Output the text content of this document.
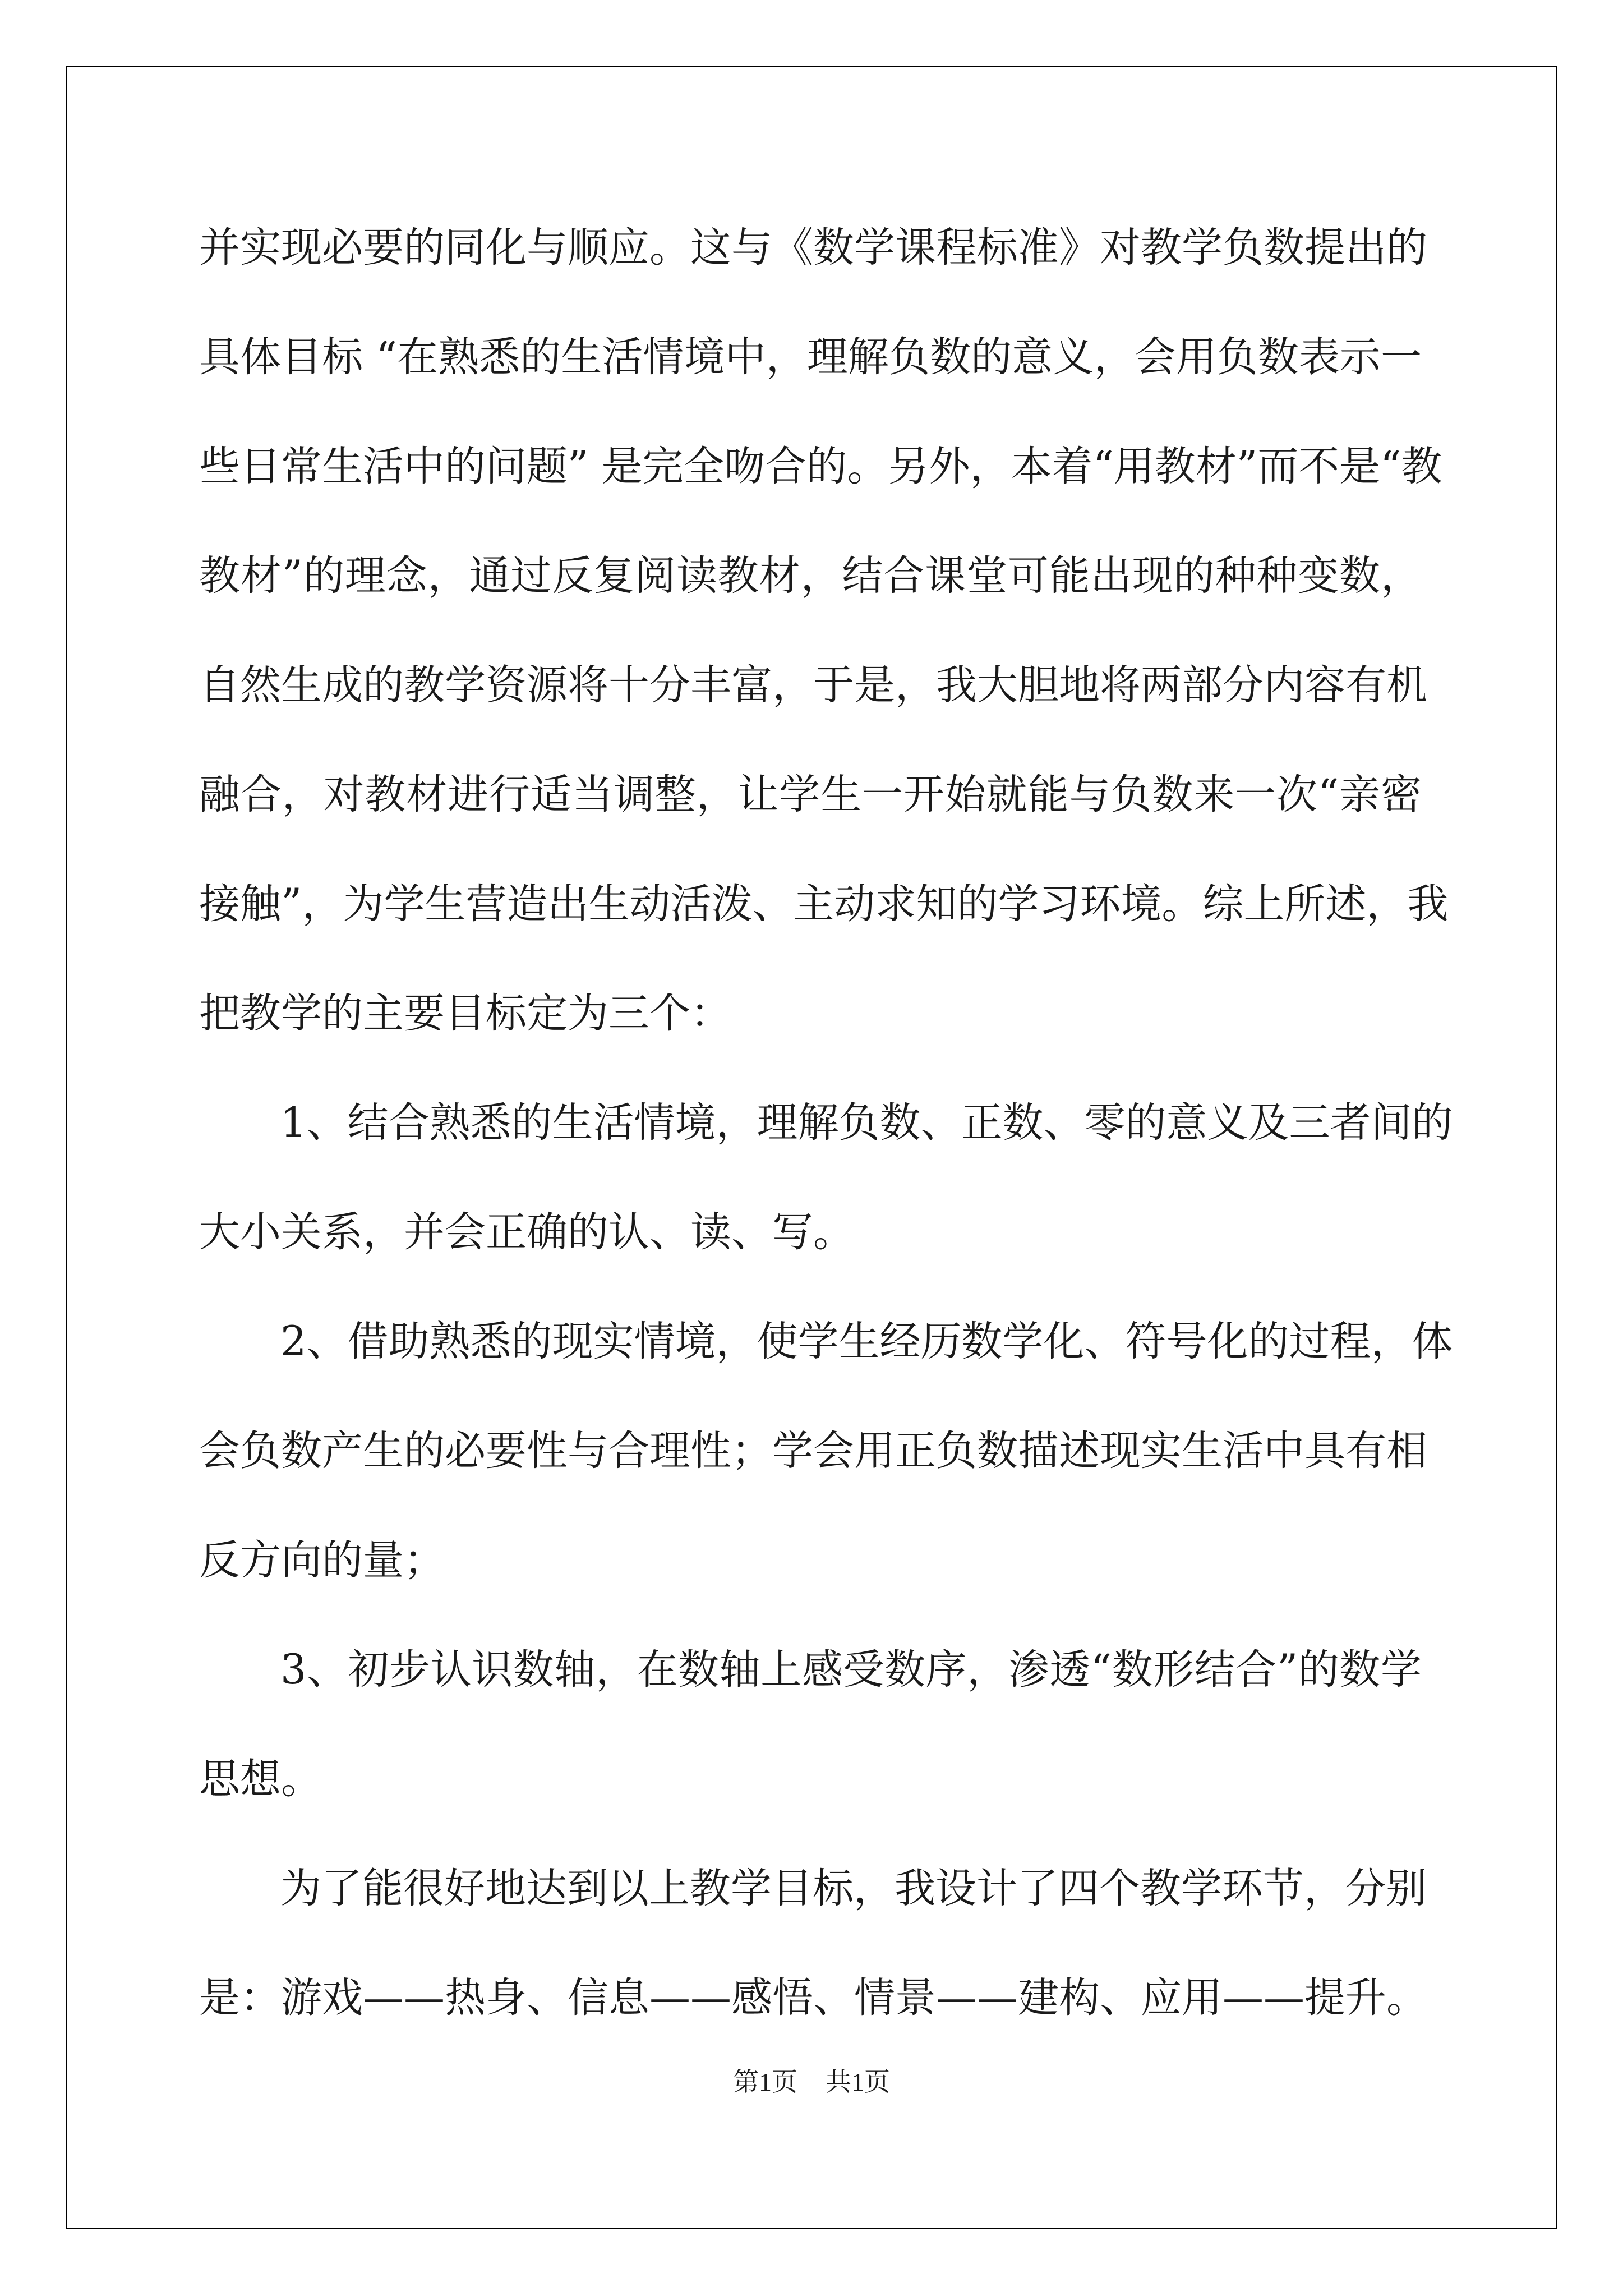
并实现必要的同化与顺应。这与《数学课程标准》对教学负数提出的
具体目标 “在熟悉的生活情境中，理解负数的意义，会用负数表示一
些日常生活中的问题” 是完全吻合的。另外，本着“用教材”而不是“教
教材”的理念，通过反复阅读教材，结合课堂可能出现的种种变数，
自然生成的教学资源将十分丰富，于是，我大胆地将两部分内容有机
融合，对教材进行适当调整，让学生一开始就能与负数来一次“亲密
接触”，为学生营造出生动活泼、主动求知的学习环境。综上所述，我
把教学的主要目标定为三个：
1、结合熟悉的生活情境，理解负数、正数、零的意义及三者间的
大小关系，并会正确的认、读、写。
2、借助熟悉的现实情境，使学生经历数学化、符号化的过程，体
会负数产生的必要性与合理性；学会用正负数描述现实生活中具有相
反方向的量；
3、初步认识数轴，在数轴上感受数序，渗透“数形结合”的数学
思想。
为了能很好地达到以上教学目标，我设计了四个教学环节，分别
是：游戏——热身、信息——感悟、情景——建构、应用——提升。
第1页 共1页
